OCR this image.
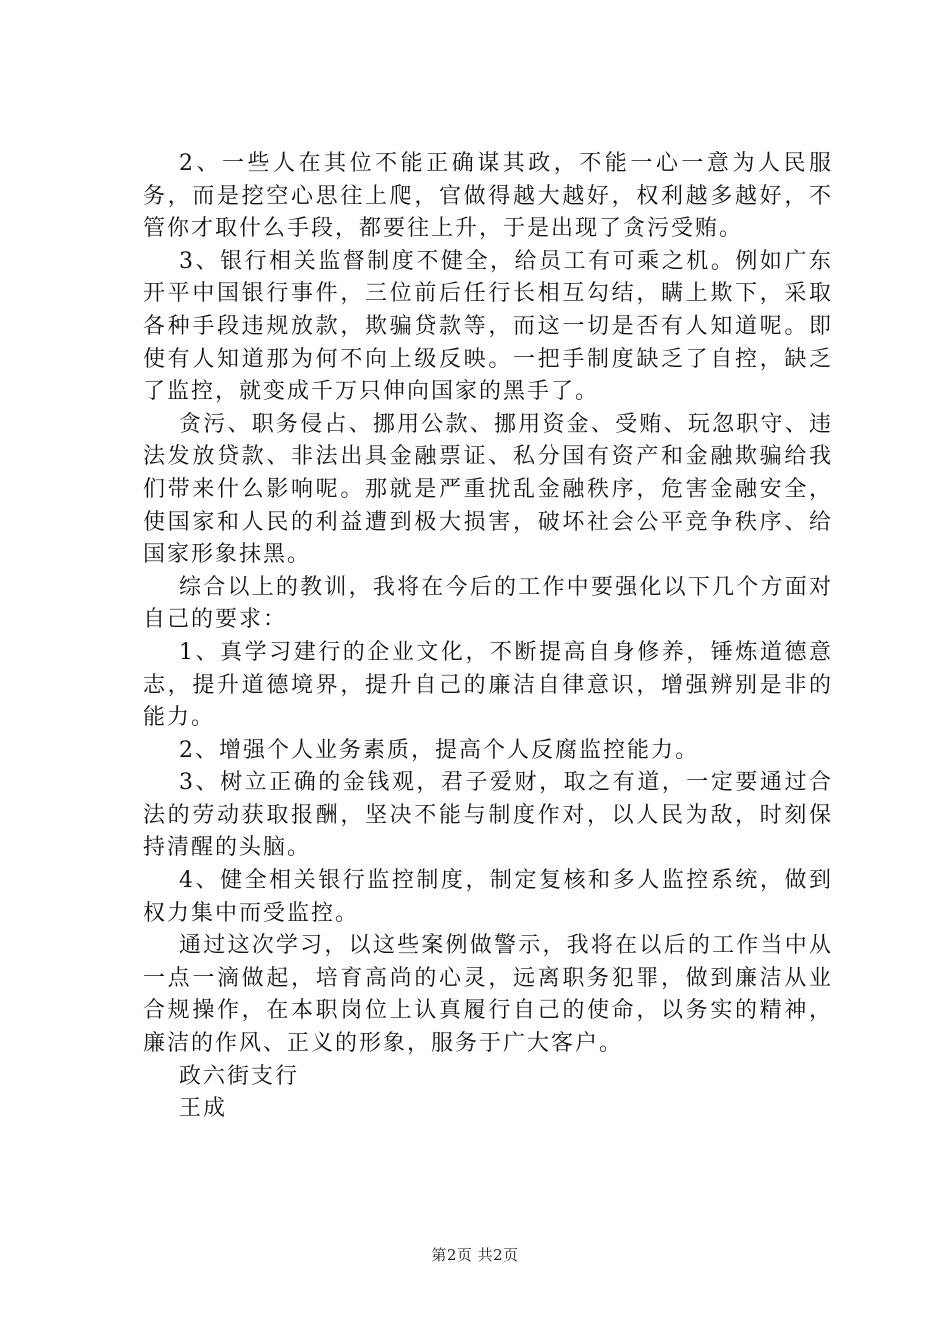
2、一些人在其位不能正确谋其政，不能一心一意为人民服务，而是挖空心思往上爬，官做得越大越好，权利越多越好，不管你才取什么手段，都要往上升，于是出现了贪污受贿。

3、银行相关监督制度不健全，给员工有可乘之机。例如广东开平中国银行事件，三位前后任行长相互勾结，瞒上欺下，采取各种手段违规放款，欺骗贷款等，而这一切是否有人知道呢。即使有人知道那为何不向上级反映。一把手制度缺乏了自控，缺乏了监控，就变成千万只伸向国家的黑手了。

贪污、职务侵占、挪用公款、挪用资金、受贿、玩忽职守、违法发放贷款、非法出具金融票证、私分国有资产和金融欺骗给我们带来什么影响呢。那就是严重扰乱金融秩序，危害金融安全，使国家和人民的利益遭到极大损害，破坏社会公平竞争秩序、给国家形象抹黑。

综合以上的教训，我将在今后的工作中要强化以下几个方面对自己的要求：

1、真学习建行的企业文化，不断提高自身修养，锤炼道德意志，提升道德境界，提升自己的廉洁自律意识，增强辨别是非的能力。

2、增强个人业务素质，提高个人反腐监控能力。

3、树立正确的金钱观，君子爱财，取之有道，一定要通过合法的劳动获取报酬，坚决不能与制度作对，以人民为敌，时刻保持清醒的头脑。

4、健全相关银行监控制度，制定复核和多人监控系统，做到权力集中而受监控。

通过这次学习，以这些案例做警示，我将在以后的工作当中从一点一滴做起，培育高尚的心灵，远离职务犯罪，做到廉洁从业合规操作，在本职岗位上认真履行自己的使命，以务实的精神，廉洁的作风、正义的形象，服务于广大客户。

政六街支行

王成

第2页 共2页
